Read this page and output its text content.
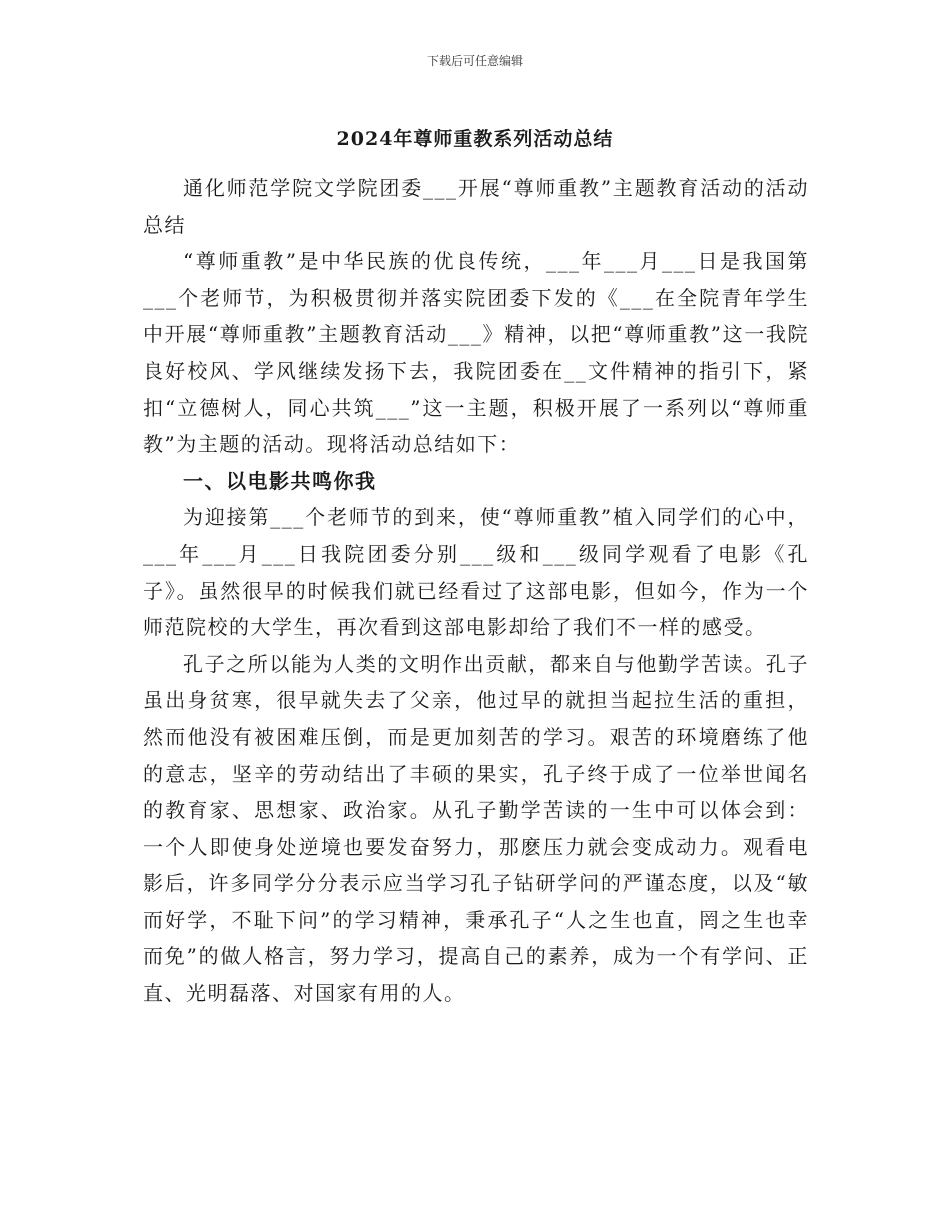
下载后可任意编辑
2024年尊师重教系列活动总结

通化师范学院文学院团委___开展“尊师重教”主题教育活动的活动总结

“尊师重教”是中华民族的优良传统，___年___月___日是我国第___个老师节，为积极贯彻并落实院团委下发的《___在全院青年学生中开展“尊师重教”主题教育活动___》精神，以把“尊师重教”这一我院良好校风、学风继续发扬下去，我院团委在__文件精神的指引下，紧扣“立德树人，同心共筑___”这一主题，积极开展了一系列以“尊师重教”为主题的活动。现将活动总结如下：

一、以电影共鸣你我

为迎接第___个老师节的到来，使“尊师重教”植入同学们的心中，___年___月___日我院团委分别___级和___级同学观看了电影《孔子》。虽然很早的时候我们就已经看过了这部电影，但如今，作为一个师范院校的大学生，再次看到这部电影却给了我们不一样的感受。

孔子之所以能为人类的文明作出贡献，都来自与他勤学苦读。孔子虽出身贫寒，很早就失去了父亲，他过早的就担当起拉生活的重担，然而他没有被困难压倒，而是更加刻苦的学习。艰苦的环境磨练了他的意志，坚辛的劳动结出了丰硕的果实，孔子终于成了一位举世闻名的教育家、思想家、政治家。从孔子勤学苦读的一生中可以体会到：一个人即使身处逆境也要发奋努力，那麽压力就会变成动力。观看电影后，许多同学分分表示应当学习孔子钻研学问的严谨态度，以及“敏而好学，不耻下问”的学习精神，秉承孔子“人之生也直，罔之生也幸而免”的做人格言，努力学习，提高自己的素养，成为一个有学问、正直、光明磊落、对国家有用的人。
